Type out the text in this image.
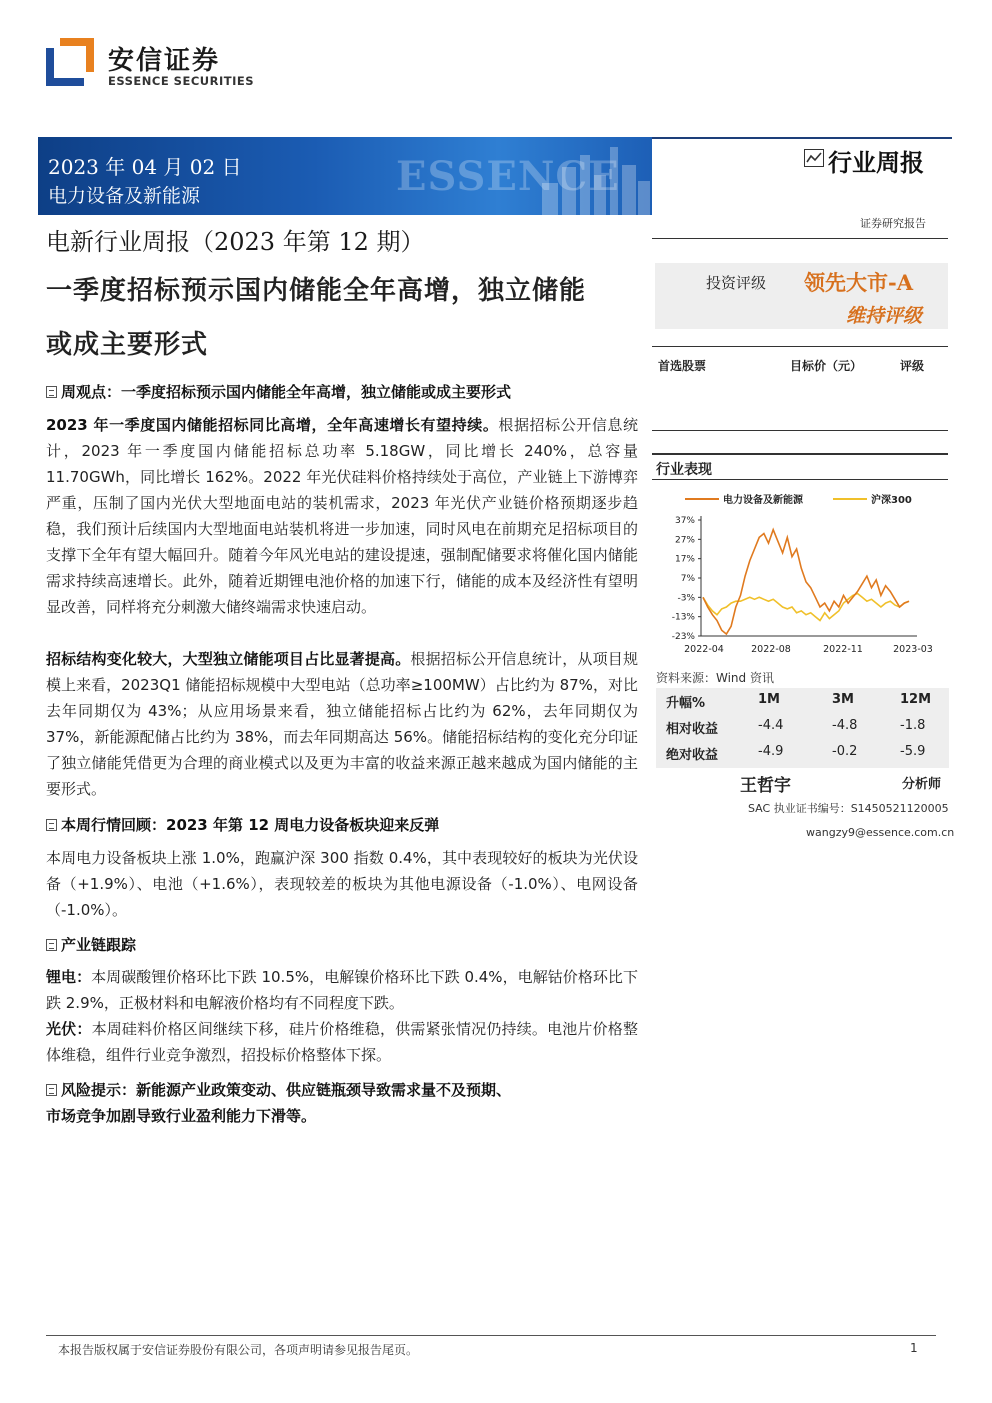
安信证券
ESSENCE SECURITIES
ESSENCE
2023 年 04 月 02 日
电力设备及新能源
行业周报
证券研究报告
投资评级 领先大市-A
维持评级
首选股票	目标价（元）	评级
电新行业周报（2023 年第 12 期）
一季度招标预示国内储能全年高增，独立储能
或成主要形式
周观点：一季度招标预示国内储能全年高增，独立储能或成主要形式
2023 年一季度国内储能招标同比高增，全年高速增长有望持续。根据招标公开信息统计，2023 年一季度国内储能招标总功率 5.18GW，同比增长 240%，总容量 11.70GWh，同比增长 162%。2022 年光伏硅料价格持续处于高位，产业链上下游博弈严重，压制了国内光伏大型地面电站的装机需求，2023 年光伏产业链价格预期逐步趋稳，我们预计后续国内大型地面电站装机将进一步加速，同时风电在前期充足招标项目的支撑下全年有望大幅回升。随着今年风光电站的建设提速，强制配储要求将催化国内储能需求持续高速增长。此外，随着近期锂电池价格的加速下行，储能的成本及经济性有望明显改善，同样将充分刺激大储终端需求快速启动。
招标结构变化较大，大型独立储能项目占比显著提高。根据招标公开信息统计，从项目规模上来看，2023Q1 储能招标规模中大型电站（总功率≥100MW）占比约为 87%，对比去年同期仅为 43%；从应用场景来看，独立储能招标占比约为 62%，去年同期仅为 37%，新能源配储占比约为 38%，而去年同期高达 56%。储能招标结构的变化充分印证了独立储能凭借更为合理的商业模式以及更为丰富的收益来源正越来越成为国内储能的主要形式。
本周行情回顾：2023 年第 12 周电力设备板块迎来反弹
本周电力设备板块上涨 1.0%，跑赢沪深 300 指数 0.4%，其中表现较好的板块为光伏设备（+1.9%）、电池（+1.6%），表现较差的板块为其他电源设备（-1.0%）、电网设备（-1.0%）。
产业链跟踪
锂电：本周碳酸锂价格环比下跌 10.5%，电解镍价格环比下跌 0.4%，电解钴价格环比下跌 2.9%，正极材料和电解液价格均有不同程度下跌。
光伏：本周硅料价格区间继续下移，硅片价格维稳，供需紧张情况仍持续。电池片价格整体维稳，组件行业竞争激烈，招投标价格整体下探。
风险提示：新能源产业政策变动、供应链瓶颈导致需求量不及预期、
市场竞争加剧导致行业盈利能力下滑等。
行业表现
电力设备及新能源	沪深300
37%
27%
17%
7%
-3%
-13%
-23%
2022-04	2022-08	2022-11	2023-03
资料来源：Wind 资讯
升幅%	1M	3M	12M
相对收益	-4.4	-4.8	-1.8
绝对收益	-4.9	-0.2	-5.9
王哲宇	分析师
SAC 执业证书编号：S1450521120005
wangzy9@essence.com.cn
本报告版权属于安信证券股份有限公司，各项声明请参见报告尾页。	1
